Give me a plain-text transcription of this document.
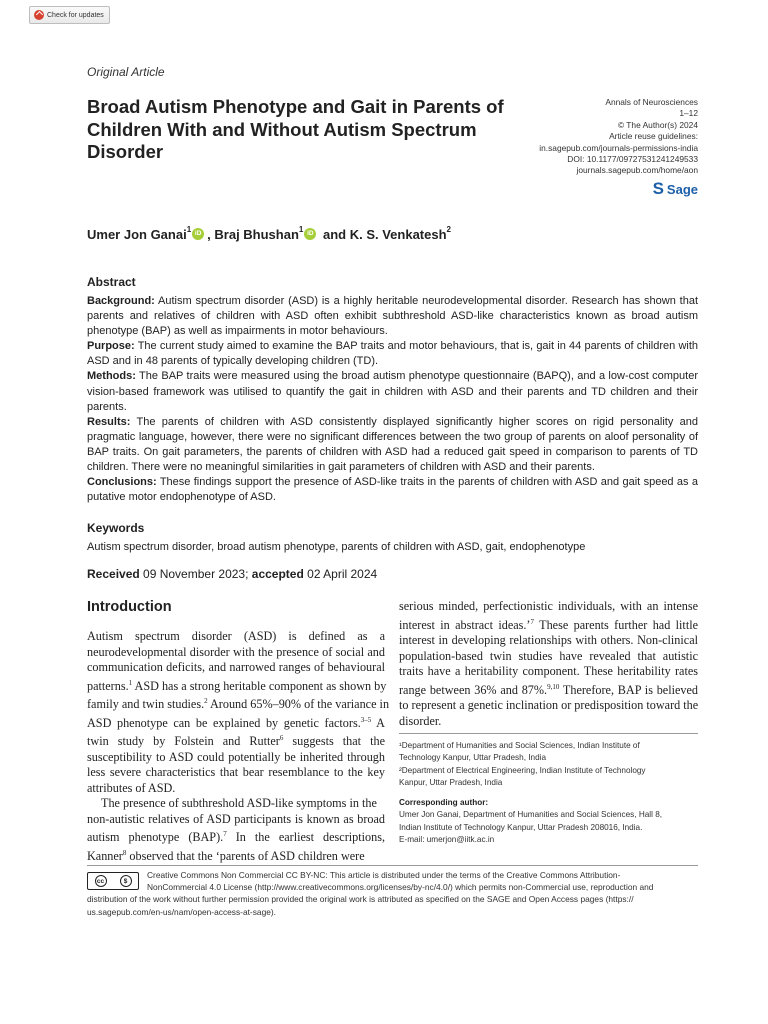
Check for updates
Original Article
Broad Autism Phenotype and Gait in Parents of
Children With and Without Autism Spectrum
Disorder
Annals of Neurosciences
1–12
© The Author(s) 2024
Article reuse guidelines:
in.sagepub.com/journals-permissions-india
DOI: 10.1177/09727531241249533
journals.sagepub.com/home/aon
S Sage
Umer Jon Ganai$^1$ iD , Braj Bhushan$^1$ iD and K. S. Venkatesh$^2$
Abstract

Background: Autism spectrum disorder (ASD) is a highly heritable neurodevelopmental disorder. Research has shown that parents and relatives of children with ASD often exhibit subthreshold ASD-like characteristics known as broad autism phenotype (BAP) as well as impairments in motor behaviours.

Purpose: The current study aimed to examine the BAP traits and motor behaviours, that is, gait in 44 parents of children with ASD and in 48 parents of typically developing children (TD).

Methods: The BAP traits were measured using the broad autism phenotype questionnaire (BAPQ), and a low-cost computer vision-based framework was utilised to quantify the gait in children with ASD and their parents and TD children and their parents.

Results: The parents of children with ASD consistently displayed significantly higher scores on rigid personality and pragmatic language, however, there were no significant differences between the two group of parents on aloof personality of BAP traits. On gait parameters, the parents of children with ASD had a reduced gait speed in comparison to parents of TD children. There were no meaningful similarities in gait parameters of children with ASD and their parents.

Conclusions: These findings support the presence of ASD-like traits in the parents of children with ASD and gait speed as a putative motor endophenotype of ASD.

Keywords
Autism spectrum disorder, broad autism phenotype, parents of children with ASD, gait, endophenotype
Received 09 November 2023; accepted 02 April 2024
Introduction
Autism spectrum disorder (ASD) is defined as a
neurodevelopmental disorder with the presence of social and
communication deficits, and narrowed ranges of behavioural
patterns.$^1$ ASD has a strong heritable component as shown by
family and twin studies.$^2$ Around 65%–90% of the variance in
ASD phenotype can be explained by genetic factors.$^{3-5}$ A
twin study by Folstein and Rutter$^6$ suggests that the
susceptibility to ASD could potentially be inherited through
less severe characteristics that bear resemblance to the key
attributes of ASD.
The presence of subthreshold ASD-like symptoms in the
non-autistic relatives of ASD participants is known as broad
autism phenotype (BAP).$^7$ In the earliest descriptions,
Kanner$^8$ observed that the ‘parents of ASD children were
serious minded, perfectionistic individuals, with an intense
interest in abstract ideas.’$^7$ These parents further had little
interest in developing relationships with others. Non-clinical
population-based twin studies have revealed that autistic
traits have a heritability component. These heritability rates
range between 36% and 87%.$^{9,10}$ Therefore, BAP is believed
to represent a genetic inclination or predisposition toward the
disorder.
¹Department of Humanities and Social Sciences, Indian Institute of
Technology Kanpur, Uttar Pradesh, India
²Department of Electrical Engineering, Indian Institute of Technology
Kanpur, Uttar Pradesh, India
Corresponding author:
Umer Jon Ganai, Department of Humanities and Social Sciences, Hall 8,
Indian Institute of Technology Kanpur, Uttar Pradesh 208016, India.
E-mail: umerjon@iitk.ac.in
Creative Commons Non Commercial CC BY-NC: This article is distributed under the terms of the Creative Commons Attribution-
NonCommercial 4.0 License (http://www.creativecommons.org/licenses/by-nc/4.0/) which permits non-Commercial use, reproduction and
distribution of the work without further permission provided the original work is attributed as specified on the SAGE and Open Access pages (https://
us.sagepub.com/en-us/nam/open-access-at-sage).
cc	$
